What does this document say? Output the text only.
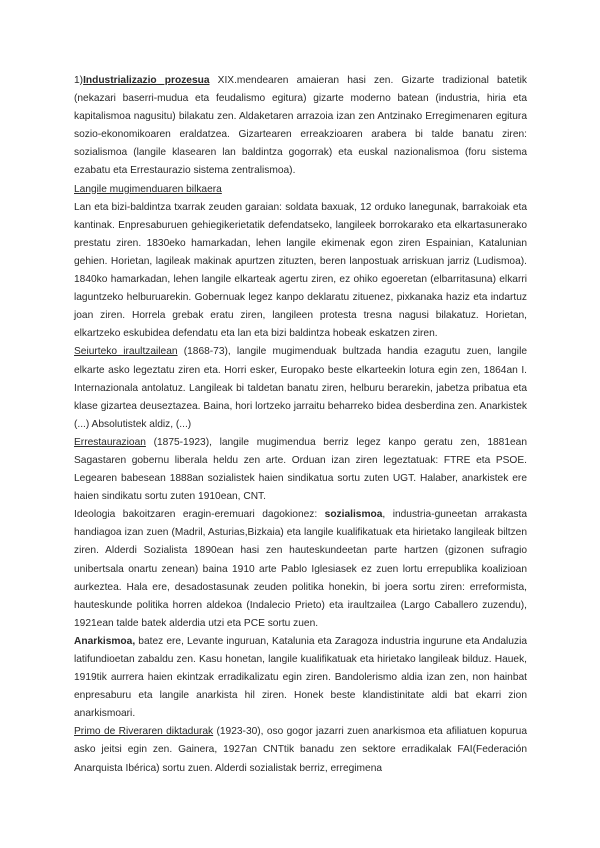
1)Industrializazio prozesua XIX.mendearen amaieran hasi zen. Gizarte tradizional batetik (nekazari baserri-mudua eta feudalismo egitura) gizarte moderno batean (industria, hiria eta kapitalismoa nagusitu) bilakatu zen. Aldaketaren arrazoia izan zen Antzinako Erregimenaren egitura sozio-ekonomikoaren eraldatzea. Gizartearen erreakzioaren arabera bi talde banatu ziren: sozialismoa (langile klasearen lan baldintza gogorrak) eta euskal nazionalismoa (foru sistema ezabatu eta Errestaurazio sistema zentralismoa).

Langile mugimenduaren bilkaera

Lan eta bizi-baldintza txarrak zeuden garaian: soldata baxuak, 12 orduko lanegunak, barrakoiak eta kantinak. Enpresaburuen gehiegikerietatik defendatseko, langileek borrokarako eta elkartasunerako prestatu ziren. 1830eko hamarkadan, lehen langile ekimenak egon ziren Espainian, Katalunian gehien. Horietan, lagileak makinak apurtzen zituzten, beren lanpostuak arriskuan jarriz (Ludismoa). 1840ko hamarkadan, lehen langile elkarteak agertu ziren, ez ohiko egoeretan (elbarritasuna) elkarri laguntzeko helburuarekin. Gobernuak legez kanpo deklaratu zituenez, pixkanaka haziz eta indartuz joan ziren. Horrela grebak eratu ziren, langileen protesta tresna nagusi bilakatuz. Horietan, elkartzeko eskubidea defendatu eta lan eta bizi baldintza hobeak eskatzen ziren.

Seiurteko iraultzailean (1868-73), langile mugimenduak bultzada handia ezagutu zuen, langile elkarte asko legeztatu ziren eta. Horri esker, Europako beste elkarteekin lotura egin zen, 1864an I. Internazionala antolatuz. Langileak bi taldetan banatu ziren, helburu berarekin, jabetza pribatua eta klase gizartea deuseztazea. Baina, hori lortzeko jarraitu beharreko bidea desberdina zen. Anarkistek (...) Absolutistek aldiz, (...)

Errestaurazioan (1875-1923), langile mugimendua berriz legez kanpo geratu zen, 1881ean Sagastaren gobernu liberala heldu zen arte. Orduan izan ziren legeztatuak: FTRE eta PSOE. Legearen babesean 1888an sozialistek haien sindikatua sortu zuten UGT. Halaber, anarkistek ere haien sindikatu sortu zuten 1910ean, CNT.

Ideologia bakoitzaren eragin-eremuari dagokionez: sozialismoa, industria-guneetan arrakasta handiagoa izan zuen (Madril, Asturias,Bizkaia) eta langile kualifikatuak eta hirietako langileak biltzen ziren. Alderdi Sozialista 1890ean hasi zen hauteskundeetan parte hartzen (gizonen sufragio unibertsala onartu zenean) baina 1910 arte Pablo Iglesiasek ez zuen lortu errepublika koalizioan aurkeztea. Hala ere, desadostasunak zeuden politika honekin, bi joera sortu ziren: erreformista, hauteskunde politika horren aldekoa (Indalecio Prieto) eta iraultzailea (Largo Caballero zuzendu), 1921ean talde batek alderdia utzi eta PCE sortu zuen.

Anarkismoa, batez ere, Levante inguruan, Katalunia eta Zaragoza industria ingurune eta Andaluzia latifundioetan zabaldu zen. Kasu honetan, langile kualifikatuak eta hirietako langileak bilduz. Hauek, 1919tik aurrera haien ekintzak erradikalizatu egin ziren. Bandolerismo aldia izan zen, non hainbat enpresaburu eta langile anarkista hil ziren. Honek beste klandistinitate aldi bat ekarri zion anarkismoari.

Primo de Riveraren diktadurak (1923-30), oso gogor jazarri zuen anarkismoa eta afiliatuen kopurua asko jeitsi egin zen. Gainera, 1927an CNTtik banadu zen sektore erradikalak FAI(Federación Anarquista Ibérica) sortu zuen. Alderdi sozialistak berriz, erregimena
